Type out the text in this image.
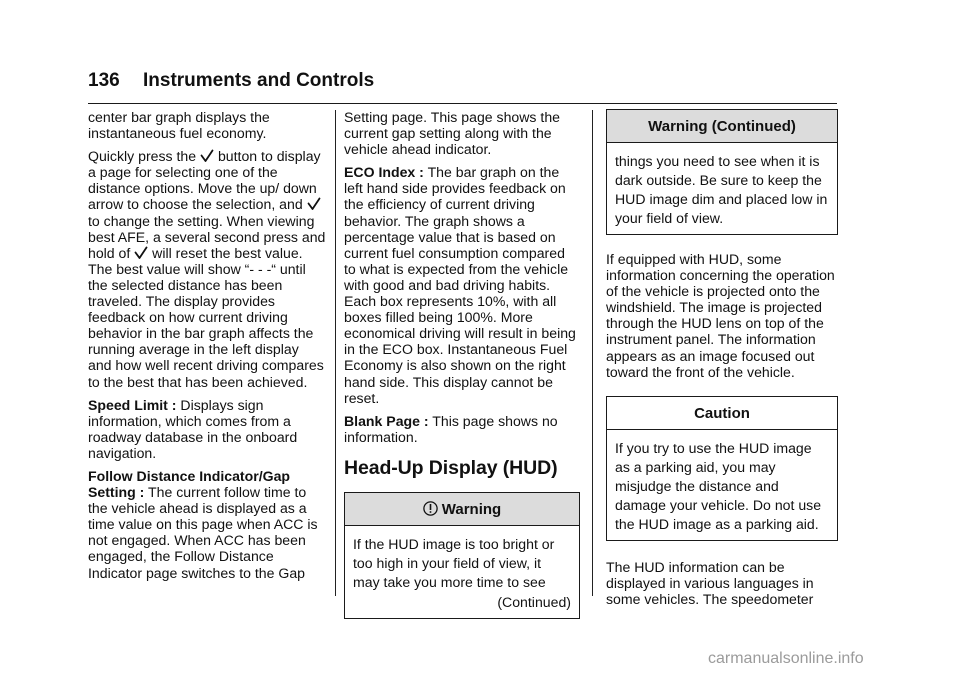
136 Instruments and Controls

center bar graph displays the instantaneous fuel economy.

Quickly press the button to display a page for selecting one of the distance options. Move the up/ down arrow to choose the selection, and
to change the setting. When viewing best AFE, a several second press and hold of will reset the best value. The best value will show “- - -“ until the selected distance has been traveled. The display provides feedback on how current driving behavior in the bar graph affects the running average in the left display and how well recent driving compares to the best that has been achieved.

Speed Limit : Displays sign information, which comes from a roadway database in the onboard navigation.

Follow Distance Indicator/Gap Setting : The current follow time to the vehicle ahead is displayed as a time value on this page when ACC is not engaged. When ACC has been engaged, the Follow Distance Indicator page switches to the Gap

Setting page. This page shows the current gap setting along with the vehicle ahead indicator.

ECO Index : The bar graph on the left hand side provides feedback on the efficiency of current driving behavior. The graph shows a percentage value that is based on current fuel consumption compared to what is expected from the vehicle with good and bad driving habits. Each box represents 10%, with all boxes filled being 100%. More economical driving will result in being in the ECO box. Instantaneous Fuel Economy is also shown on the right hand side. This display cannot be reset.

Blank Page : This page shows no information.

Head-Up Display (HUD)
Warning
If the HUD image is too bright or too high in your field of view, it may take you more time to see
(Continued)
Warning (Continued)
things you need to see when it is dark outside. Be sure to keep the HUD image dim and placed low in your field of view.

If equipped with HUD, some information concerning the operation of the vehicle is projected onto the windshield. The image is projected through the HUD lens on top of the instrument panel. The information appears as an image focused out toward the front of the vehicle.

Caution
If you try to use the HUD image as a parking aid, you may misjudge the distance and damage your vehicle. Do not use the HUD image as a parking aid.

The HUD information can be displayed in various languages in some vehicles. The speedometer

carmanualsonline.info
